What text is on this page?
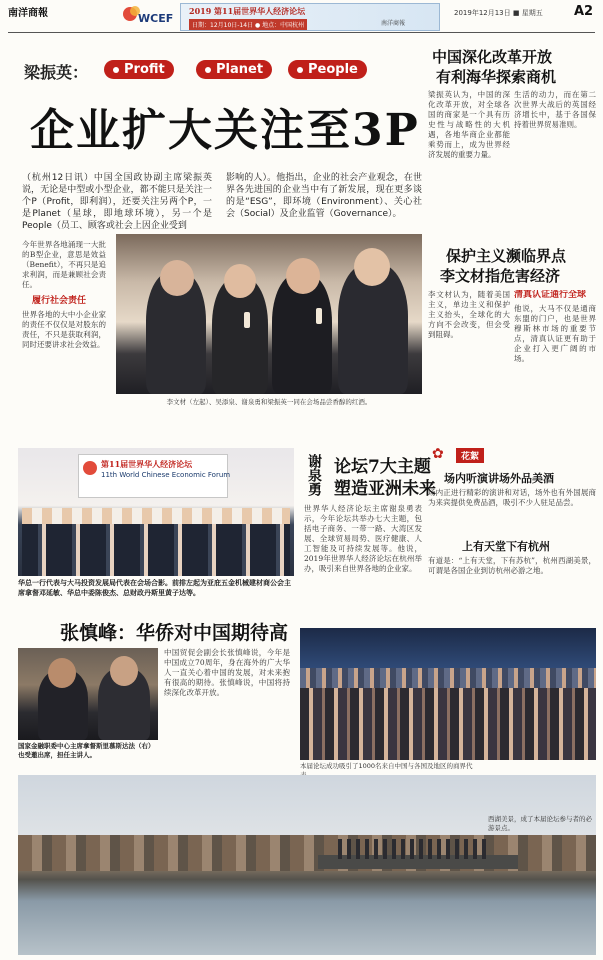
南洋商報	WCEF
2019 第11届世界华人经济论坛
日期：12月10日-14日 ● 地点：中国杭州	南洋商報
2019年12月13日 ■ 星期五 A2
梁振英：	Profit	Planet	People
企业扩大关注至3P
（杭州12日讯）中国全国政协副主席梁振英说，无论是中型或小型企业，都不能只是关注一个P（Profit，即利润），还要关注另两个P，一是Planet（星球，即地球环境），另一个是People（员工、顾客或社会上因企业受到
影响的人）。他指出，企业的社会产业观念，在世界各先进国的企业当中有了新发展，现在更多谈的是“ESG”，即环境（Environment）、关心社会（Social）及企业监管（Governance）。

今年世界各地涌现一大批的B型企业，意思是效益（Benefit），不再只是追求利润，而是兼顾社会责任。

履行社会责任

世界各地的大中小企业家的责任不仅仅是对股东的责任，不只是获取利润，同时还要讲求社会效益。

李文材（左起）、吴添泉、谢泉勇和梁振英一同在会场品尝香醇的红酒。
中国深化改革开放
有利海华探索商机
梁振英认为，中国的深化改革开放，对全球各国的商家是一个具有历史性与战略性的大机遇，各地华商企业都能乘势而上，成为世界经济发展的重要力量。
生活的动力，而在第二次世界大战后的英国经济增长中，基于各国保持着世界贸易准则。
保护主义濒临界点
李文材指危害经济
李文材认为，随着美国主义，单边主义和保护主义抬头，全球化的大方向不会改变，但会受到阻碍。

清真认证通行全球

他说，大马不仅是通商东盟的门户，也是世界穆斯林市场的重要节点，清真认证更有助于企业打入更广阔的市场。

第11届世界华人经济论坛
11th World Chinese Economic Forum
华总一行代表与大马投资发展局代表在会场合影。前排左起为亚庇五金机械建材商公会主席拿督邓延敏、华总中委陈俊杰、总财政丹斯里黄子达等。
谢泉勇 论坛7大主题
塑造亚洲未来
世界华人经济论坛主席谢泉勇表示，今年论坛共举办七大主题，包括电子商务、一带一路、大湾区发展、全球贸易局势、医疗健康、人工智能及可持续发展等。他说，2019年世界华人经济论坛在杭州举办，吸引来自世界各地的企业家。
✿	花絮
场内听演讲场外品美酒
场内正进行精彩的演讲和对话，场外也有外国展商为来宾提供免费品酒，吸引不少人驻足品尝。
上有天堂下有杭州
有道是：“上有天堂，下有苏杭”，杭州西湖美景，可谓是各国企业到访杭州必游之地。
张慎峰：华侨对中国期待高
国家金融职委中心主席拿督斯里慕斯达法（右）也受邀出席，担任主讲人。
中国贸促会副会长张慎峰说，今年是中国成立70周年，身在海外的广大华人一直关心着中国的发展，对未来抱有很高的期待。张慎峰说，中国将持续深化改革开放。
本届论坛成功吸引了1000名来自中国与各国及地区的商界代
西湖美景，成了本届论坛参与者的必游景点。
